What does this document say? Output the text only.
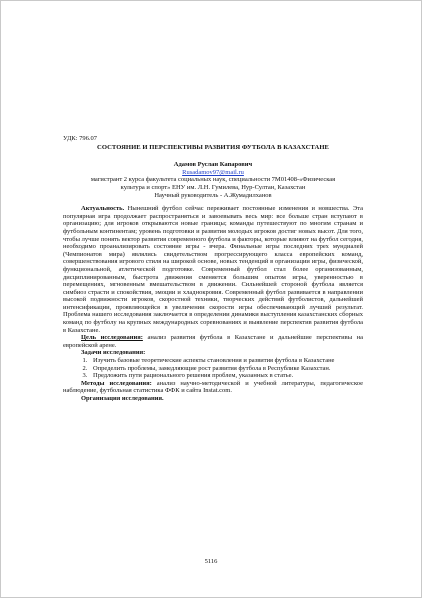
УДК: 796.07

СОСТОЯНИЕ И ПЕРСПЕКТИВЫ РАЗВИТИЯ ФУТБОЛА В КАЗАХСТАНЕ

Адамов Руслан Капарович

Rusadamov97@mail.ru

магистрант 2 курса факультета социальных наук, специальности 7М01408-«Физическая

культура и спорт» ЕНУ им. Л.Н. Гумилева, Нур-Султан, Казахстан

Научный руководитель - А.Жумадилханов

Актуальность. Нынешний футбол сейчас переживает постоянные изменения и новшества. Эта популярная игра продолжает распространяться и завоевывать весь мир: все больше стран вступают в организацию; для игроков открываются новые границы; команды путешествуют по многим странам и футбольным континентам; уровень подготовки и развития молодых игроков достиг новых высот. Для того, чтобы лучше понять вектор развития современного футбола и факторы, которые влияют на футбол сегодня, необходимо проанализировать состояние игры - вчера. Финальные игры последних трех мундиалей (Чемпионатов мира) являлись свидетельством прогрессирующего класса европейских команд, совершенствования игрового стиля на широкой основе, новых тенденций в организации игры, физической, функциональной, атлетической подготовке. Современный футбол стал более организованным, дисциплинированным, быстрота движения сменяется большим опытом игры, уверенностью в перемещениях, мгновенным вмешательством в движении. Сильнейшей стороной футбола является симбиоз страсти и спокойствия, эмоции и хладнокровия. Современный футбол развивается в направлении высокой подвижности игроков, скоростной техники, творческих действий футболистов, дальнейшей интенсификации, проявляющейся в увеличении скорости игры обеспечивающий лучший результат. Проблема нашего исследования заключается в определении динамики выступления казахстанских сборных команд по футболу на крупных международных соревнованиях и выявление перспектив развития футбола в Казахстане.

Цель исследования: анализ развития футбола в Казахстане и дальнейшие перспективы на европейской арене.

Задачи исследования:

1. Изучить базовые теоретические аспекты становления и развития футбола в Казахстане
2. Определить проблемы, замедляющие рост развития футбола в Республике Казахстан.
3. Предложить пути рационального решения проблем, указанных в статье.

Методы исследования: анализ научно-методической и учебной литературы, педагогическое наблюдение, футбольная статистика ФФК и сайта Instat.com.

Организация исследования.

5116
